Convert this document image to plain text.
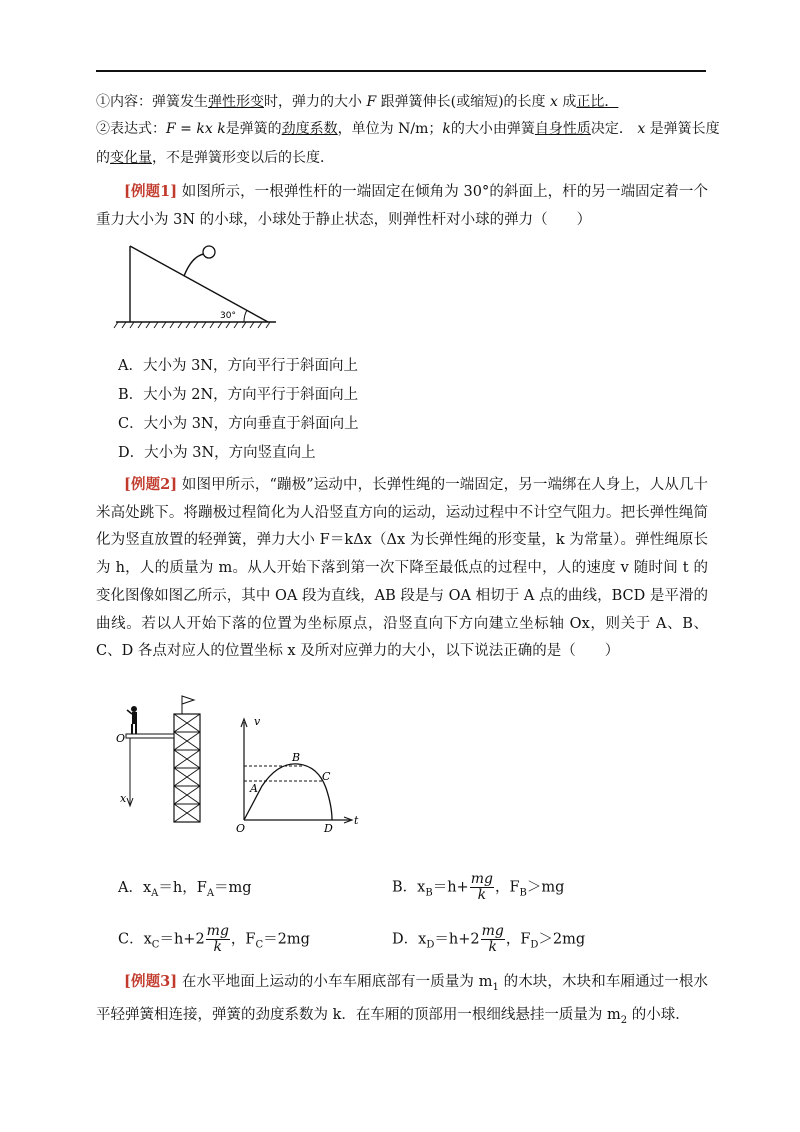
①内容：弹簧发生弹性形变时，弹力的大小 F 跟弹簧伸长(或缩短)的长度 x 成正比．
②表达式：F = kx k是弹簧的劲度系数，单位为 N/m；k的大小由弹簧自身性质决定． x 是弹簧长度
的变化量，不是弹簧形变以后的长度．
[例题1] 如图所示，一根弹性杆的一端固定在倾角为 30°的斜面上，杆的另一端固定着一个重力大小为 3N 的小球，小球处于静止状态，则弹性杆对小球的弹力（　　）
30°
A．大小为 3N，方向平行于斜面向上
B．大小为 2N，方向平行于斜面向上
C．大小为 3N，方向垂直于斜面向上
D．大小为 3N，方向竖直向上
[例题2] 如图甲所示，“蹦极”运动中，长弹性绳的一端固定，另一端绑在人身上，人从几十米高处跳下。将蹦极过程简化为人沿竖直方向的运动，运动过程中不计空气阻力。把长弹性绳简化为竖直放置的轻弹簧，弹力大小 F＝kΔx（Δx 为长弹性绳的形变量，k 为常量）。弹性绳原长为 h，人的质量为 m。从人开始下落到第一次下降至最低点的过程中，人的速度 v 随时间 t 的变化图像如图乙所示，其中 OA 段为直线，AB 段是与 OA 相切于 A 点的曲线，BCD 是平滑的曲线。若以人开始下落的位置为坐标原点，沿竖直向下方向建立坐标轴 Ox，则关于 A、B、C、D 各点对应人的位置坐标 x 及所对应弹力的大小，以下说法正确的是（　　）
O
x
v
t
O
A
B
C
D
A．$x_A=h$，$F_A=mg$	B．$x_B=h+ \frac{mg}{k}$ ，$F_B>mg$
C．$x_C=h+2 \frac{mg}{k}$ ，$F_C=2mg$	D．$x_D=h+2 \frac{mg}{k}$ ，$F_D>2mg$
[例题3] 在水平地面上运动的小车车厢底部有一质量为 $m_1$ 的木块，木块和车厢通过一根水平轻弹簧相连接，弹簧的劲度系数为 k．在车厢的顶部用一根细线悬挂一质量为 $m_2$ 的小球．
